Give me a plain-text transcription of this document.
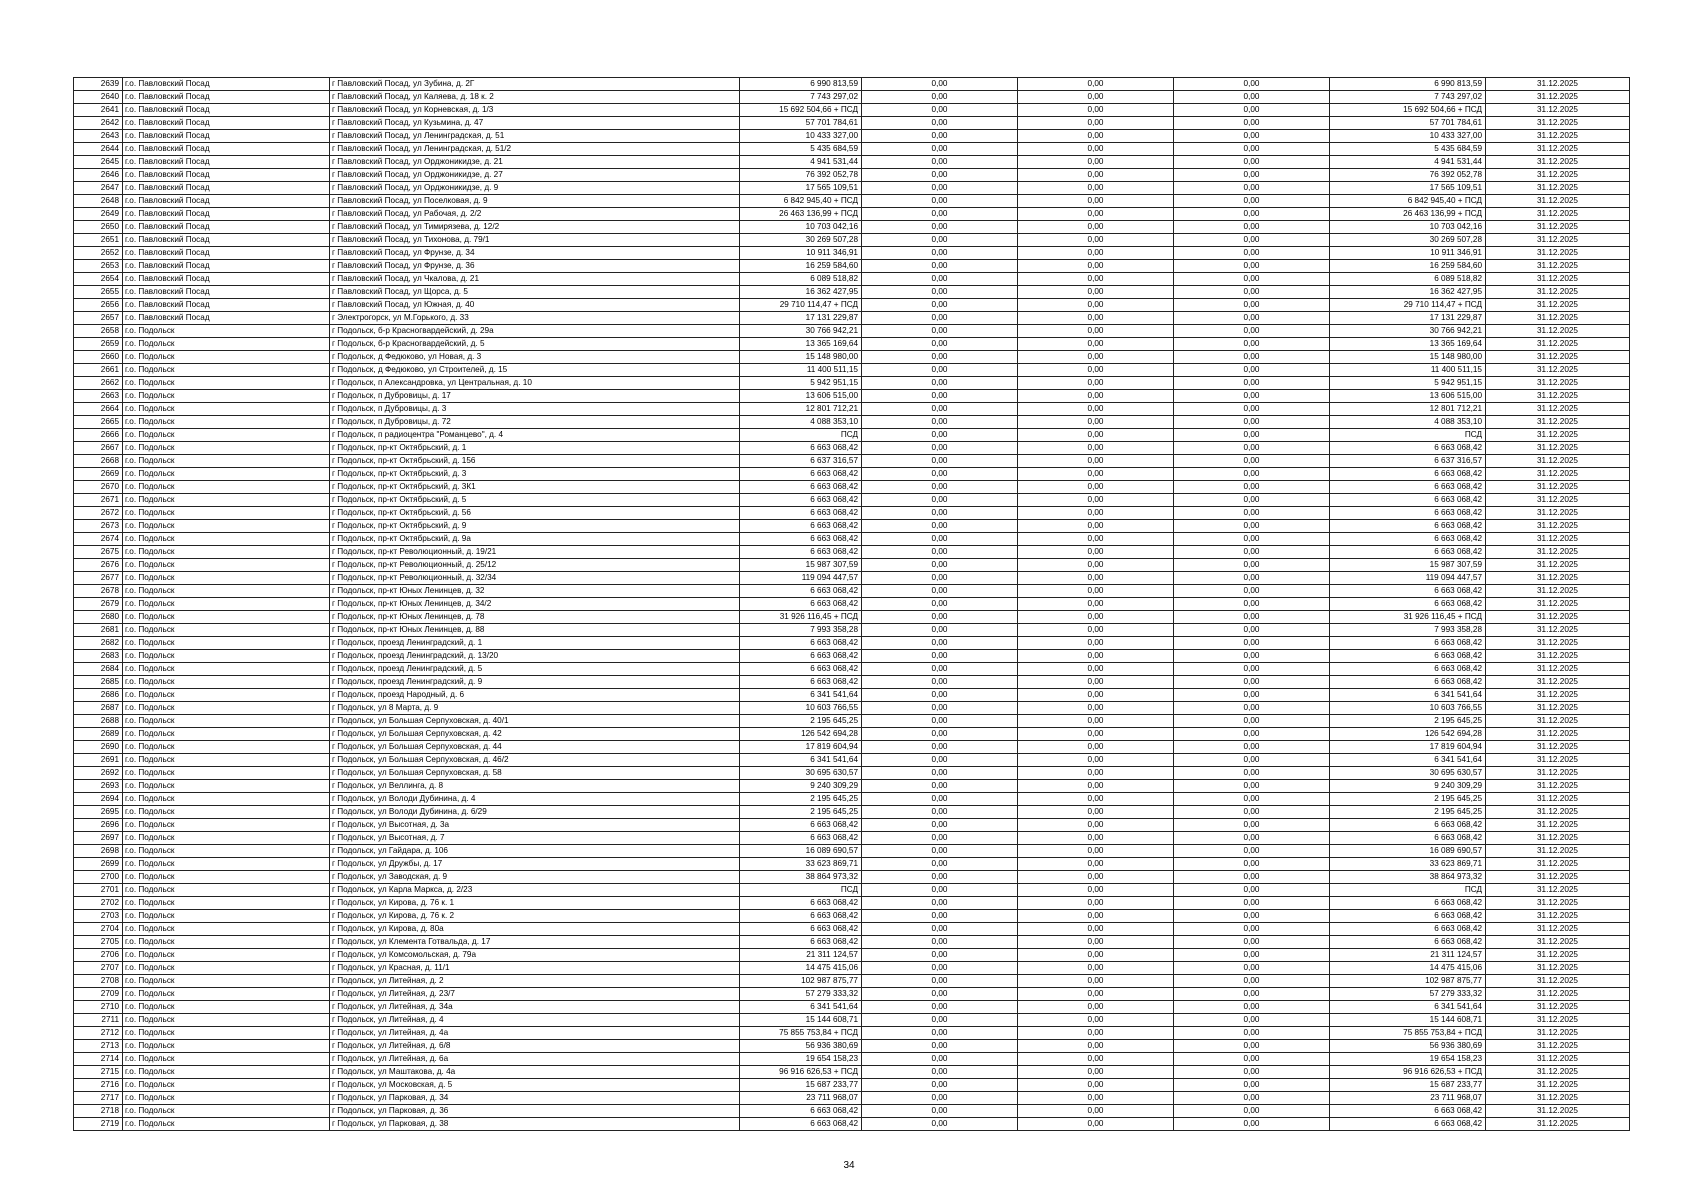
2639	г.о. Павловский Посад	г Павловский Посад, ул Зубина, д. 2Г	6 990 813,59	0,00	0,00	0,00	6 990 813,59	31.12.2025
2640	г.о. Павловский Посад	г Павловский Посад, ул Каляева, д. 18 к. 2	7 743 297,02	0,00	0,00	0,00	7 743 297,02	31.12.2025
2641	г.о. Павловский Посад	г Павловский Посад, ул Корневская, д. 1/3	15 692 504,66 + ПСД	0,00	0,00	0,00	15 692 504,66 + ПСД	31.12.2025
2642	г.о. Павловский Посад	г Павловский Посад, ул Кузьмина, д. 47	57 701 784,61	0,00	0,00	0,00	57 701 784,61	31.12.2025
2643	г.о. Павловский Посад	г Павловский Посад, ул Ленинградская, д. 51	10 433 327,00	0,00	0,00	0,00	10 433 327,00	31.12.2025
2644	г.о. Павловский Посад	г Павловский Посад, ул Ленинградская, д. 51/2	5 435 684,59	0,00	0,00	0,00	5 435 684,59	31.12.2025
2645	г.о. Павловский Посад	г Павловский Посад, ул Орджоникидзе, д. 21	4 941 531,44	0,00	0,00	0,00	4 941 531,44	31.12.2025
2646	г.о. Павловский Посад	г Павловский Посад, ул Орджоникидзе, д. 27	76 392 052,78	0,00	0,00	0,00	76 392 052,78	31.12.2025
2647	г.о. Павловский Посад	г Павловский Посад, ул Орджоникидзе, д. 9	17 565 109,51	0,00	0,00	0,00	17 565 109,51	31.12.2025
2648	г.о. Павловский Посад	г Павловский Посад, ул Поселковая, д. 9	6 842 945,40 + ПСД	0,00	0,00	0,00	6 842 945,40 + ПСД	31.12.2025
2649	г.о. Павловский Посад	г Павловский Посад, ул Рабочая, д. 2/2	26 463 136,99 + ПСД	0,00	0,00	0,00	26 463 136,99 + ПСД	31.12.2025
2650	г.о. Павловский Посад	г Павловский Посад, ул Тимирязева, д. 12/2	10 703 042,16	0,00	0,00	0,00	10 703 042,16	31.12.2025
2651	г.о. Павловский Посад	г Павловский Посад, ул Тихонова, д. 79/1	30 269 507,28	0,00	0,00	0,00	30 269 507,28	31.12.2025
2652	г.о. Павловский Посад	г Павловский Посад, ул Фрунзе, д. 34	10 911 346,91	0,00	0,00	0,00	10 911 346,91	31.12.2025
2653	г.о. Павловский Посад	г Павловский Посад, ул Фрунзе, д. 36	16 259 584,60	0,00	0,00	0,00	16 259 584,60	31.12.2025
2654	г.о. Павловский Посад	г Павловский Посад, ул Чкалова, д. 21	6 089 518,82	0,00	0,00	0,00	6 089 518,82	31.12.2025
2655	г.о. Павловский Посад	г Павловский Посад, ул Щорса, д. 5	16 362 427,95	0,00	0,00	0,00	16 362 427,95	31.12.2025
2656	г.о. Павловский Посад	г Павловский Посад, ул Южная, д. 40	29 710 114,47 + ПСД	0,00	0,00	0,00	29 710 114,47 + ПСД	31.12.2025
2657	г.о. Павловский Посад	г Электрогорск, ул М.Горького, д. 33	17 131 229,87	0,00	0,00	0,00	17 131 229,87	31.12.2025
2658	г.о. Подольск	г Подольск, б-р Красногвардейский, д. 29а	30 766 942,21	0,00	0,00	0,00	30 766 942,21	31.12.2025
2659	г.о. Подольск	г Подольск, б-р Красногвардейский, д. 5	13 365 169,64	0,00	0,00	0,00	13 365 169,64	31.12.2025
2660	г.о. Подольск	г Подольск, д Федюково, ул Новая, д. 3	15 148 980,00	0,00	0,00	0,00	15 148 980,00	31.12.2025
2661	г.о. Подольск	г Подольск, д Федюково, ул Строителей, д. 15	11 400 511,15	0,00	0,00	0,00	11 400 511,15	31.12.2025
2662	г.о. Подольск	г Подольск, п Александровка, ул Центральная, д. 10	5 942 951,15	0,00	0,00	0,00	5 942 951,15	31.12.2025
2663	г.о. Подольск	г Подольск, п Дубровицы, д. 17	13 606 515,00	0,00	0,00	0,00	13 606 515,00	31.12.2025
2664	г.о. Подольск	г Подольск, п Дубровицы, д. 3	12 801 712,21	0,00	0,00	0,00	12 801 712,21	31.12.2025
2665	г.о. Подольск	г Подольск, п Дубровицы, д. 72	4 088 353,10	0,00	0,00	0,00	4 088 353,10	31.12.2025
2666	г.о. Подольск	г Подольск, п радиоцентра "Романцево", д. 4	ПСД	0,00	0,00	0,00	ПСД	31.12.2025
2667	г.о. Подольск	г Подольск, пр-кт Октябрьский, д. 1	6 663 068,42	0,00	0,00	0,00	6 663 068,42	31.12.2025
2668	г.о. Подольск	г Подольск, пр-кт Октябрьский, д. 156	6 637 316,57	0,00	0,00	0,00	6 637 316,57	31.12.2025
2669	г.о. Подольск	г Подольск, пр-кт Октябрьский, д. 3	6 663 068,42	0,00	0,00	0,00	6 663 068,42	31.12.2025
2670	г.о. Подольск	г Подольск, пр-кт Октябрьский, д. 3К1	6 663 068,42	0,00	0,00	0,00	6 663 068,42	31.12.2025
2671	г.о. Подольск	г Подольск, пр-кт Октябрьский, д. 5	6 663 068,42	0,00	0,00	0,00	6 663 068,42	31.12.2025
2672	г.о. Подольск	г Подольск, пр-кт Октябрьский, д. 56	6 663 068,42	0,00	0,00	0,00	6 663 068,42	31.12.2025
2673	г.о. Подольск	г Подольск, пр-кт Октябрьский, д. 9	6 663 068,42	0,00	0,00	0,00	6 663 068,42	31.12.2025
2674	г.о. Подольск	г Подольск, пр-кт Октябрьский, д. 9а	6 663 068,42	0,00	0,00	0,00	6 663 068,42	31.12.2025
2675	г.о. Подольск	г Подольск, пр-кт Революционный, д. 19/21	6 663 068,42	0,00	0,00	0,00	6 663 068,42	31.12.2025
2676	г.о. Подольск	г Подольск, пр-кт Революционный, д. 25/12	15 987 307,59	0,00	0,00	0,00	15 987 307,59	31.12.2025
2677	г.о. Подольск	г Подольск, пр-кт Революционный, д. 32/34	119 094 447,57	0,00	0,00	0,00	119 094 447,57	31.12.2025
2678	г.о. Подольск	г Подольск, пр-кт Юных Ленинцев, д. 32	6 663 068,42	0,00	0,00	0,00	6 663 068,42	31.12.2025
2679	г.о. Подольск	г Подольск, пр-кт Юных Ленинцев, д. 34/2	6 663 068,42	0,00	0,00	0,00	6 663 068,42	31.12.2025
2680	г.о. Подольск	г Подольск, пр-кт Юных Ленинцев, д. 78	31 926 116,45 + ПСД	0,00	0,00	0,00	31 926 116,45 + ПСД	31.12.2025
2681	г.о. Подольск	г Подольск, пр-кт Юных Ленинцев, д. 88	7 993 358,28	0,00	0,00	0,00	7 993 358,28	31.12.2025
2682	г.о. Подольск	г Подольск, проезд Ленинградский, д. 1	6 663 068,42	0,00	0,00	0,00	6 663 068,42	31.12.2025
2683	г.о. Подольск	г Подольск, проезд Ленинградский, д. 13/20	6 663 068,42	0,00	0,00	0,00	6 663 068,42	31.12.2025
2684	г.о. Подольск	г Подольск, проезд Ленинградский, д. 5	6 663 068,42	0,00	0,00	0,00	6 663 068,42	31.12.2025
2685	г.о. Подольск	г Подольск, проезд Ленинградский, д. 9	6 663 068,42	0,00	0,00	0,00	6 663 068,42	31.12.2025
2686	г.о. Подольск	г Подольск, проезд Народный, д. 6	6 341 541,64	0,00	0,00	0,00	6 341 541,64	31.12.2025
2687	г.о. Подольск	г Подольск, ул 8 Марта, д. 9	10 603 766,55	0,00	0,00	0,00	10 603 766,55	31.12.2025
2688	г.о. Подольск	г Подольск, ул Большая Серпуховская, д. 40/1	2 195 645,25	0,00	0,00	0,00	2 195 645,25	31.12.2025
2689	г.о. Подольск	г Подольск, ул Большая Серпуховская, д. 42	126 542 694,28	0,00	0,00	0,00	126 542 694,28	31.12.2025
2690	г.о. Подольск	г Подольск, ул Большая Серпуховская, д. 44	17 819 604,94	0,00	0,00	0,00	17 819 604,94	31.12.2025
2691	г.о. Подольск	г Подольск, ул Большая Серпуховская, д. 46/2	6 341 541,64	0,00	0,00	0,00	6 341 541,64	31.12.2025
2692	г.о. Подольск	г Подольск, ул Большая Серпуховская, д. 58	30 695 630,57	0,00	0,00	0,00	30 695 630,57	31.12.2025
2693	г.о. Подольск	г Подольск, ул Веллинга, д. 8	9 240 309,29	0,00	0,00	0,00	9 240 309,29	31.12.2025
2694	г.о. Подольск	г Подольск, ул Володи Дубинина, д. 4	2 195 645,25	0,00	0,00	0,00	2 195 645,25	31.12.2025
2695	г.о. Подольск	г Подольск, ул Володи Дубинина, д. 6/29	2 195 645,25	0,00	0,00	0,00	2 195 645,25	31.12.2025
2696	г.о. Подольск	г Подольск, ул Высотная, д. 3а	6 663 068,42	0,00	0,00	0,00	6 663 068,42	31.12.2025
2697	г.о. Подольск	г Подольск, ул Высотная, д. 7	6 663 068,42	0,00	0,00	0,00	6 663 068,42	31.12.2025
2698	г.о. Подольск	г Подольск, ул Гайдара, д. 106	16 089 690,57	0,00	0,00	0,00	16 089 690,57	31.12.2025
2699	г.о. Подольск	г Подольск, ул Дружбы, д. 17	33 623 869,71	0,00	0,00	0,00	33 623 869,71	31.12.2025
2700	г.о. Подольск	г Подольск, ул Заводская, д. 9	38 864 973,32	0,00	0,00	0,00	38 864 973,32	31.12.2025
2701	г.о. Подольск	г Подольск, ул Карла Маркса, д. 2/23	ПСД	0,00	0,00	0,00	ПСД	31.12.2025
2702	г.о. Подольск	г Подольск, ул Кирова, д. 76 к. 1	6 663 068,42	0,00	0,00	0,00	6 663 068,42	31.12.2025
2703	г.о. Подольск	г Подольск, ул Кирова, д. 76 к. 2	6 663 068,42	0,00	0,00	0,00	6 663 068,42	31.12.2025
2704	г.о. Подольск	г Подольск, ул Кирова, д. 80а	6 663 068,42	0,00	0,00	0,00	6 663 068,42	31.12.2025
2705	г.о. Подольск	г Подольск, ул Клемента Готвальда, д. 17	6 663 068,42	0,00	0,00	0,00	6 663 068,42	31.12.2025
2706	г.о. Подольск	г Подольск, ул Комсомольская, д. 79а	21 311 124,57	0,00	0,00	0,00	21 311 124,57	31.12.2025
2707	г.о. Подольск	г Подольск, ул Красная, д. 11/1	14 475 415,06	0,00	0,00	0,00	14 475 415,06	31.12.2025
2708	г.о. Подольск	г Подольск, ул Литейная, д. 2	102 987 875,77	0,00	0,00	0,00	102 987 875,77	31.12.2025
2709	г.о. Подольск	г Подольск, ул Литейная, д. 23/7	57 279 333,32	0,00	0,00	0,00	57 279 333,32	31.12.2025
2710	г.о. Подольск	г Подольск, ул Литейная, д. 34а	6 341 541,64	0,00	0,00	0,00	6 341 541,64	31.12.2025
2711	г.о. Подольск	г Подольск, ул Литейная, д. 4	15 144 608,71	0,00	0,00	0,00	15 144 608,71	31.12.2025
2712	г.о. Подольск	г Подольск, ул Литейная, д. 4а	75 855 753,84 + ПСД	0,00	0,00	0,00	75 855 753,84 + ПСД	31.12.2025
2713	г.о. Подольск	г Подольск, ул Литейная, д. 6/8	56 936 380,69	0,00	0,00	0,00	56 936 380,69	31.12.2025
2714	г.о. Подольск	г Подольск, ул Литейная, д. 6а	19 654 158,23	0,00	0,00	0,00	19 654 158,23	31.12.2025
2715	г.о. Подольск	г Подольск, ул Маштакова, д. 4а	96 916 626,53 + ПСД	0,00	0,00	0,00	96 916 626,53 + ПСД	31.12.2025
2716	г.о. Подольск	г Подольск, ул Московская, д. 5	15 687 233,77	0,00	0,00	0,00	15 687 233,77	31.12.2025
2717	г.о. Подольск	г Подольск, ул Парковая, д. 34	23 711 968,07	0,00	0,00	0,00	23 711 968,07	31.12.2025
2718	г.о. Подольск	г Подольск, ул Парковая, д. 36	6 663 068,42	0,00	0,00	0,00	6 663 068,42	31.12.2025
2719	г.о. Подольск	г Подольск, ул Парковая, д. 38	6 663 068,42	0,00	0,00	0,00	6 663 068,42	31.12.2025
34
